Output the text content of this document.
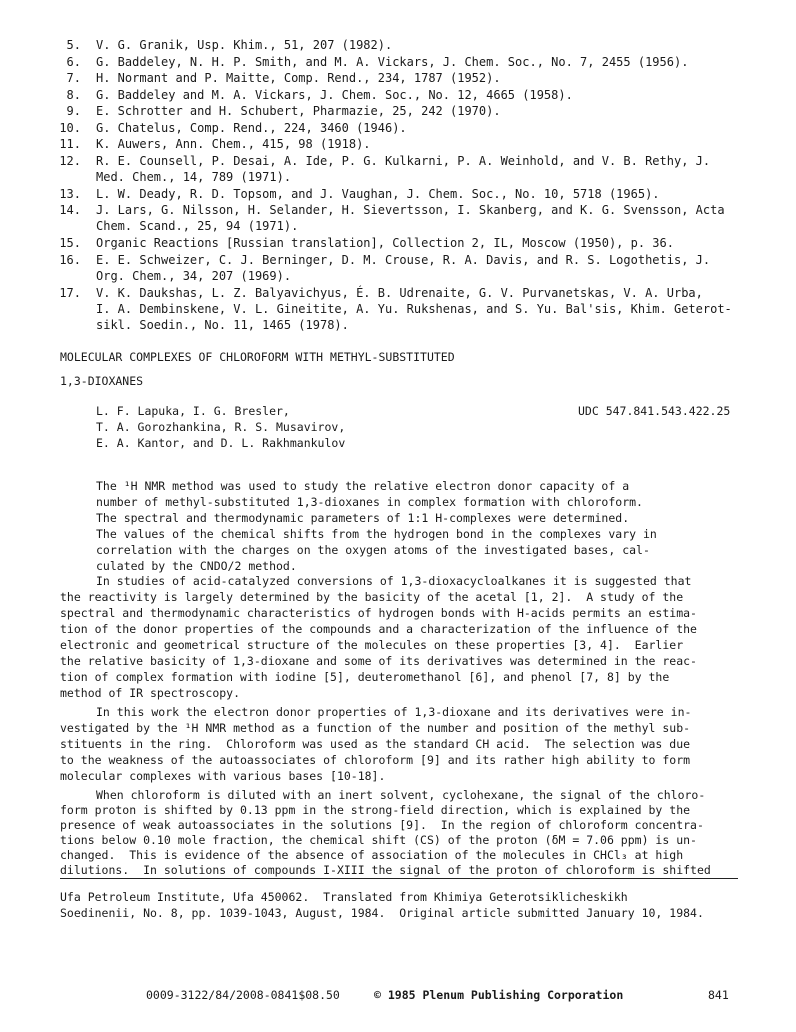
5. V. G. Granik, Usp. Khim., 51, 207 (1982).
6. G. Baddeley, N. H. P. Smith, and M. A. Vickars, J. Chem. Soc., No. 7, 2455 (1956).
7. H. Normant and P. Maitte, Comp. Rend., 234, 1787 (1952).
8. G. Baddeley and M. A. Vickars, J. Chem. Soc., No. 12, 4665 (1958).
9. E. Schrotter and H. Schubert, Pharmazie, 25, 242 (1970).
10. G. Chatelus, Comp. Rend., 224, 3460 (1946).
11. K. Auwers, Ann. Chem., 415, 98 (1918).
12. R. E. Counsell, P. Desai, A. Ide, P. G. Kulkarni, P. A. Weinhold, and V. B. Rethy, J.
Med. Chem., 14, 789 (1971).
13. L. W. Deady, R. D. Topsom, and J. Vaughan, J. Chem. Soc., No. 10, 5718 (1965).
14. J. Lars, G. Nilsson, H. Selander, H. Sievertsson, I. Skanberg, and K. G. Svensson, Acta
Chem. Scand., 25, 94 (1971).
15. Organic Reactions [Russian translation], Collection 2, IL, Moscow (1950), p. 36.
16. E. E. Schweizer, C. J. Berninger, D. M. Crouse, R. A. Davis, and R. S. Logothetis, J.
Org. Chem., 34, 207 (1969).
17. V. K. Daukshas, L. Z. Balyavichyus, É. B. Udrenaite, G. V. Purvanetskas, V. A. Urba,
I. A. Dembinskene, V. L. Gineitite, A. Yu. Rukshenas, and S. Yu. Bal'sis, Khim. Geterot-
sikl. Soedin., No. 11, 1465 (1978).
MOLECULAR COMPLEXES OF CHLOROFORM WITH METHYL-SUBSTITUTED
1,3-DIOXANES
L. F. Lapuka, I. G. Bresler,
T. A. Gorozhankina, R. S. Musavirov,
E. A. Kantor, and D. L. Rakhmankulov
UDC 547.841.543.422.25
The ¹H NMR method was used to study the relative electron donor capacity of a
number of methyl-substituted 1,3-dioxanes in complex formation with chloroform.
The spectral and thermodynamic parameters of 1:1 H-complexes were determined.
The values of the chemical shifts from the hydrogen bond in the complexes vary in
correlation with the charges on the oxygen atoms of the investigated bases, cal-
culated by the CNDO/2 method.
In studies of acid-catalyzed conversions of 1,3-dioxacycloalkanes it is suggested that
the reactivity is largely determined by the basicity of the acetal [1, 2].  A study of the
spectral and thermodynamic characteristics of hydrogen bonds with H-acids permits an estima-
tion of the donor properties of the compounds and a characterization of the influence of the
electronic and geometrical structure of the molecules on these properties [3, 4].  Earlier
the relative basicity of 1,3-dioxane and some of its derivatives was determined in the reac-
tion of complex formation with iodine [5], deuteromethanol [6], and phenol [7, 8] by the
method of IR spectroscopy.
In this work the electron donor properties of 1,3-dioxane and its derivatives were in-
vestigated by the ¹H NMR method as a function of the number and position of the methyl sub-
stituents in the ring.  Chloroform was used as the standard CH acid.  The selection was due
to the weakness of the autoassociates of chloroform [9] and its rather high ability to form
molecular complexes with various bases [10-18].
When chloroform is diluted with an inert solvent, cyclohexane, the signal of the chloro-
form proton is shifted by 0.13 ppm in the strong-field direction, which is explained by the
presence of weak autoassociates in the solutions [9].  In the region of chloroform concentra-
tions below 0.10 mole fraction, the chemical shift (CS) of the proton (δM = 7.06 ppm) is un-
changed.  This is evidence of the absence of association of the molecules in CHCl₃ at high
dilutions.  In solutions of compounds I-XIII the signal of the proton of chloroform is shifted
Ufa Petroleum Institute, Ufa 450062.  Translated from Khimiya Geterotsiklicheskikh
Soedinenii, No. 8, pp. 1039-1043, August, 1984.  Original article submitted January 10, 1984.
0009-3122/84/2008-0841$08.50	© 1985 Plenum Publishing Corporation	841
